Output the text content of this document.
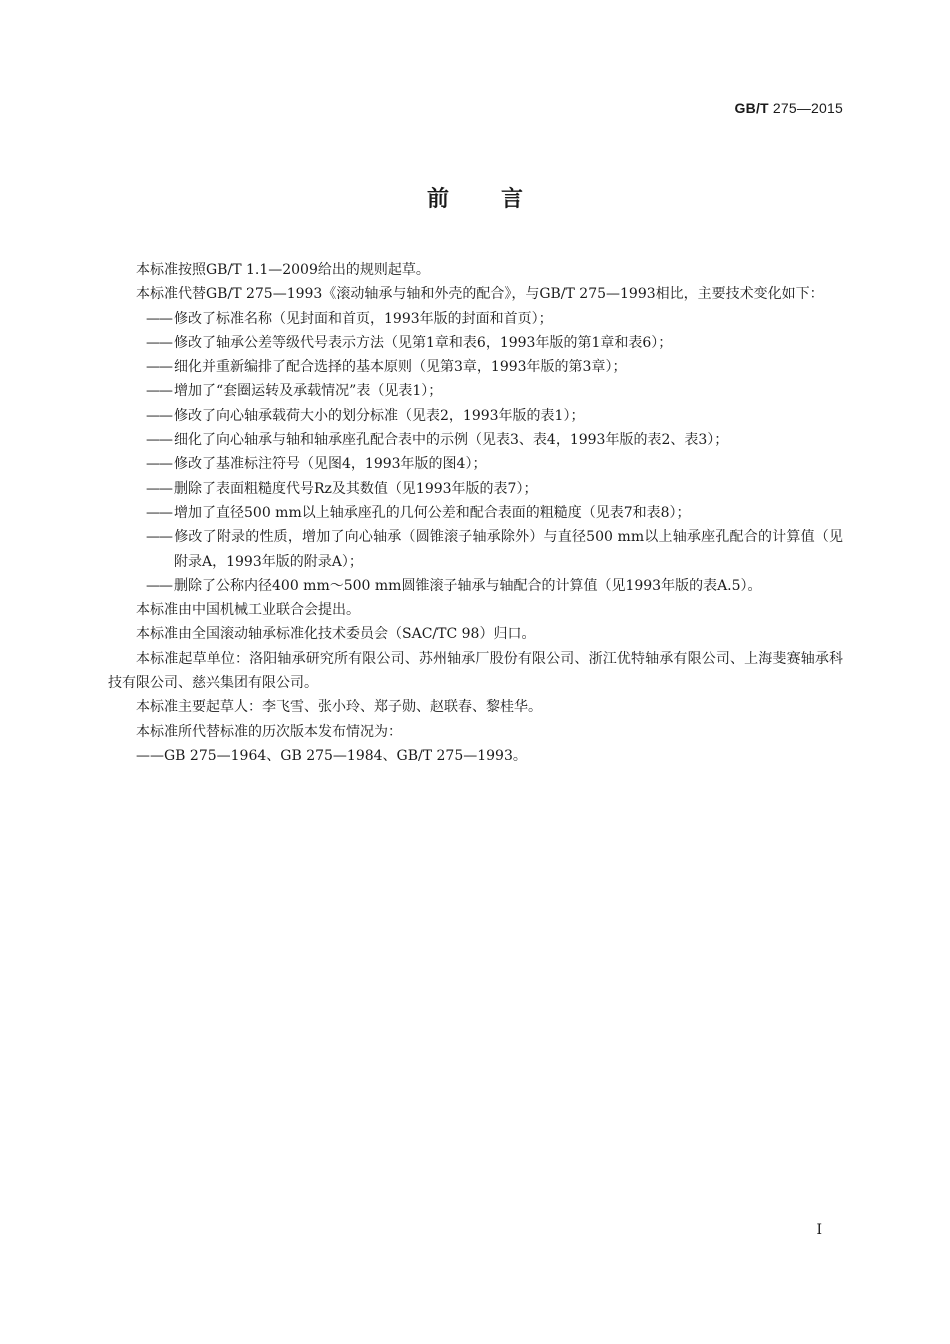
GB/T 275—2015
前言

本标准按照GB/T 1.1—2009给出的规则起草。

本标准代替GB/T 275—1993《滚动轴承与轴和外壳的配合》，与GB/T 275—1993相比，主要技术变化如下：

—— 修改了标准名称（见封面和首页，1993年版的封面和首页）；

—— 修改了轴承公差等级代号表示方法（见第1章和表6，1993年版的第1章和表6）；

—— 细化并重新编排了配合选择的基本原则（见第3章，1993年版的第3章）；

—— 增加了“套圈运转及承载情况”表（见表1）；

—— 修改了向心轴承载荷大小的划分标准（见表2，1993年版的表1）；

—— 细化了向心轴承与轴和轴承座孔配合表中的示例（见表3、表4，1993年版的表2、表3）；

—— 修改了基准标注符号（见图4，1993年版的图4）；

—— 删除了表面粗糙度代号Rz及其数值（见1993年版的表7）；

—— 增加了直径500 mm以上轴承座孔的几何公差和配合表面的粗糙度（见表7和表8）；

—— 修改了附录的性质，增加了向心轴承（圆锥滚子轴承除外）与直径500 mm以上轴承座孔配合的计算值（见附录A，1993年版的附录A）；

—— 删除了公称内径400 mm～500 mm圆锥滚子轴承与轴配合的计算值（见1993年版的表A.5）。

本标准由中国机械工业联合会提出。

本标准由全国滚动轴承标准化技术委员会（SAC/TC 98）归口。

本标准起草单位：洛阳轴承研究所有限公司、苏州轴承厂股份有限公司、浙江优特轴承有限公司、上海斐赛轴承科技有限公司、慈兴集团有限公司。

本标准主要起草人：李飞雪、张小玲、郑子勋、赵联春、黎桂华。

本标准所代替标准的历次版本发布情况为：

——GB 275—1964、GB 275—1984、GB/T 275—1993。

I
